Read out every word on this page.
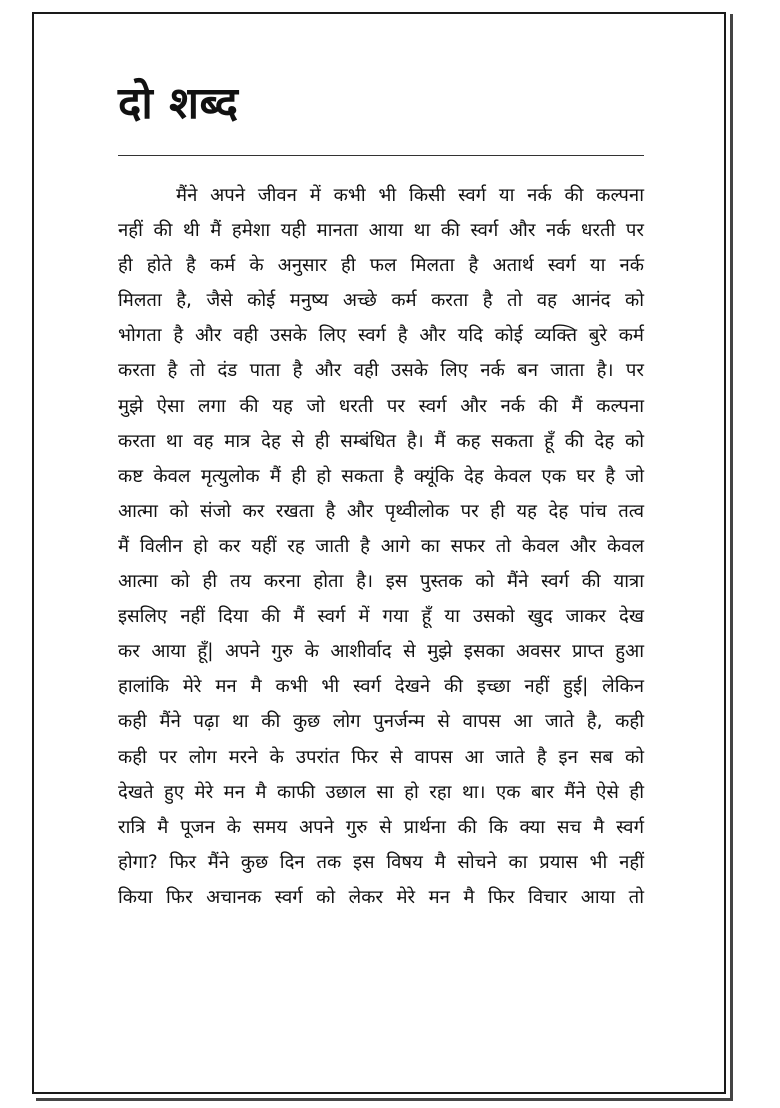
दो शब्द
मैंने अपने जीवन में कभी भी किसी स्वर्ग या नर्क की कल्पना
नहीं की थी मैं हमेशा यही मानता आया था की स्वर्ग और नर्क धरती पर
ही होते है कर्म के अनुसार ही फल मिलता है अतार्थ स्वर्ग या नर्क
मिलता है, जैसे कोई मनुष्य अच्छे कर्म करता है तो वह आनंद को
भोगता है और वही उसके लिए स्वर्ग है और यदि कोई व्यक्ति बुरे कर्म
करता है तो दंड पाता है और वही उसके लिए नर्क बन जाता है। पर
मुझे ऐसा लगा की यह जो धरती पर स्वर्ग और नर्क की मैं कल्पना
करता था वह मात्र देह से ही सम्बंधित है। मैं कह सकता हूँ की देह को
कष्ट केवल मृत्युलोक मैं ही हो सकता है क्यूंकि देह केवल एक घर है जो
आत्मा को संजो कर रखता है और पृथ्वीलोक पर ही यह देह पांच तत्व
मैं विलीन हो कर यहीं रह जाती है आगे का सफर तो केवल और केवल
आत्मा को ही तय करना होता है। इस पुस्तक को मैंने स्वर्ग की यात्रा
इसलिए नहीं दिया की मैं स्वर्ग में गया हूँ या उसको खुद जाकर देख
कर आया हूँ| अपने गुरु के आशीर्वाद से मुझे इसका अवसर प्राप्त हुआ
हालांकि मेरे मन मै कभी भी स्वर्ग देखने की इच्छा नहीं हुई| लेकिन
कही मैंने पढ़ा था की कुछ लोग पुनर्जन्म से वापस आ जाते है, कही
कही पर लोग मरने के उपरांत फिर से वापस आ जाते है इन सब को
देखते हुए मेरे मन मै काफी उछाल सा हो रहा था। एक बार मैंने ऐसे ही
रात्रि मै पूजन के समय अपने गुरु से प्रार्थना की कि क्या सच मै स्वर्ग
होगा? फिर मैंने कुछ दिन तक इस विषय मै सोचने का प्रयास भी नहीं
किया फिर अचानक स्वर्ग को लेकर मेरे मन मै फिर विचार आया तो
